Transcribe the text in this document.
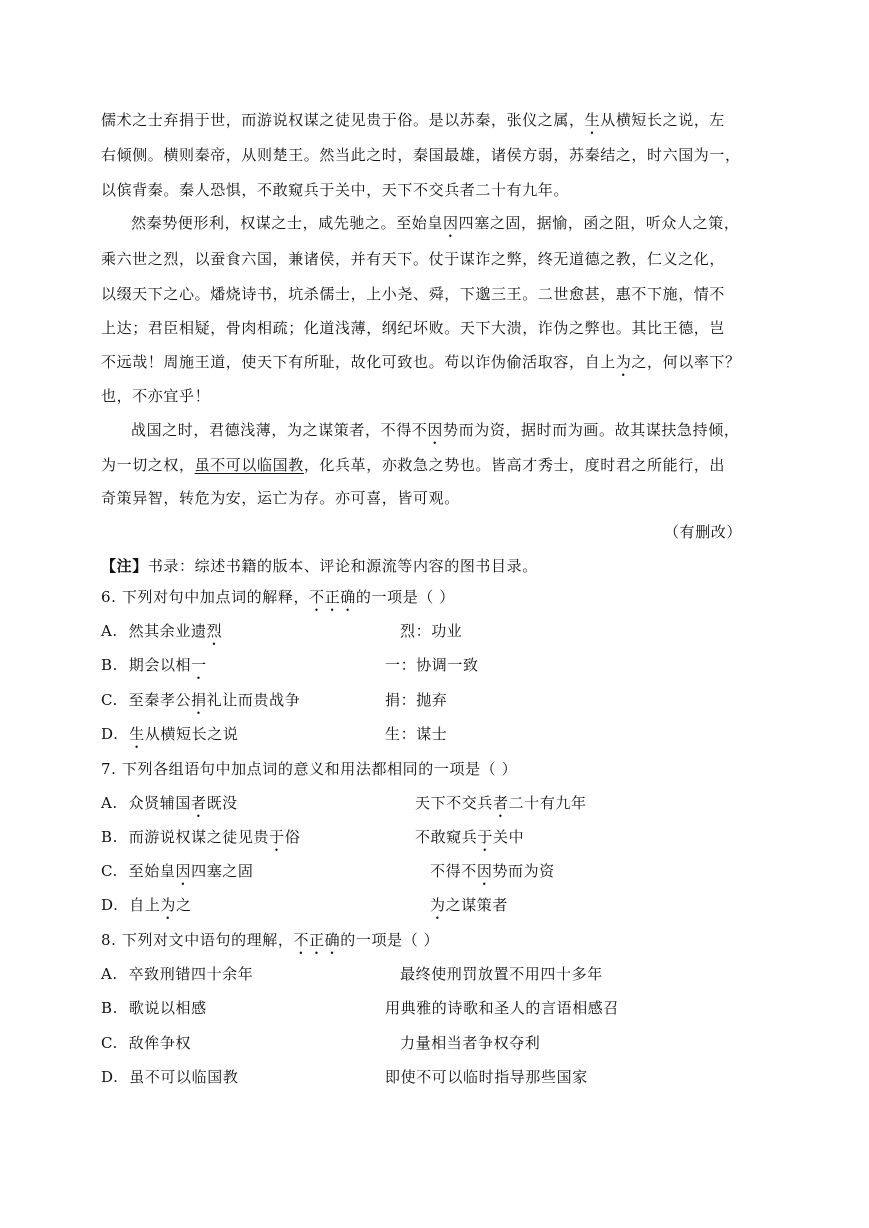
儒术之士弃捐于世，而游说权谋之徒见贵于俗。是以苏秦，张仪之属，生从横短长之说，左
右倾侧。横则秦帝，从则楚王。然当此之时，秦国最雄，诸侯方弱，苏秦结之，时六国为一，
以傧背秦。秦人恐惧，不敢窥兵于关中，天下不交兵者二十有九年。
然秦势便形利，权谋之士，咸先驰之。至始皇因四塞之固，据愉，函之阻，听众人之策，
乘六世之烈，以蚕食六国，兼诸侯，并有天下。仗于谋诈之弊，终无道德之教，仁义之化，
以缀天下之心。燔烧诗书，坑杀儒士，上小尧、舜，下邈三王。二世愈甚，惠不下施，情不
上达；君臣相疑，骨肉相疏；化道浅薄，纲纪坏败。天下大溃，诈伪之弊也。其比王德，岂
不远哉！周施王道，使天下有所耻，故化可致也。苟以诈伪偷活取容，自上为之，何以率下？
也，不亦宜乎！
战国之时，君德浅薄，为之谋策者，不得不因势而为资，据时而为画。故其谋扶急持倾，
为一切之权，虽不可以临国教，化兵革，亦救急之势也。皆高才秀士，度时君之所能行，出
奇策异智，转危为安，运亡为存。亦可喜，皆可观。
（有删改）
【注】书录：综述书籍的版本、评论和源流等内容的图书目录。
6. 下列对句中加点词的解释，不正确的一项是（ ）
A. 然其余业遗烈	烈：功业
B. 期会以相一	一：协调一致
C. 至秦孝公捐礼让而贵战争	捐：抛弃
D. 生从横短长之说	生：谋士
7. 下列各组语句中加点词的意义和用法都相同的一项是（ ）
A. 众贤辅国者既没	天下不交兵者二十有九年
B. 而游说权谋之徒见贵于俗	不敢窥兵于关中
C. 至始皇因四塞之固	不得不因势而为资
D. 自上为之	为之谋策者
8. 下列对文中语句的理解，不正确的一项是（ ）
A. 卒致刑错四十余年	最终使刑罚放置不用四十多年
B. 歌说以相感	用典雅的诗歌和圣人的言语相感召
C. 敌侔争权	力量相当者争权夺利
D. 虽不可以临国教	即使不可以临时指导那些国家
